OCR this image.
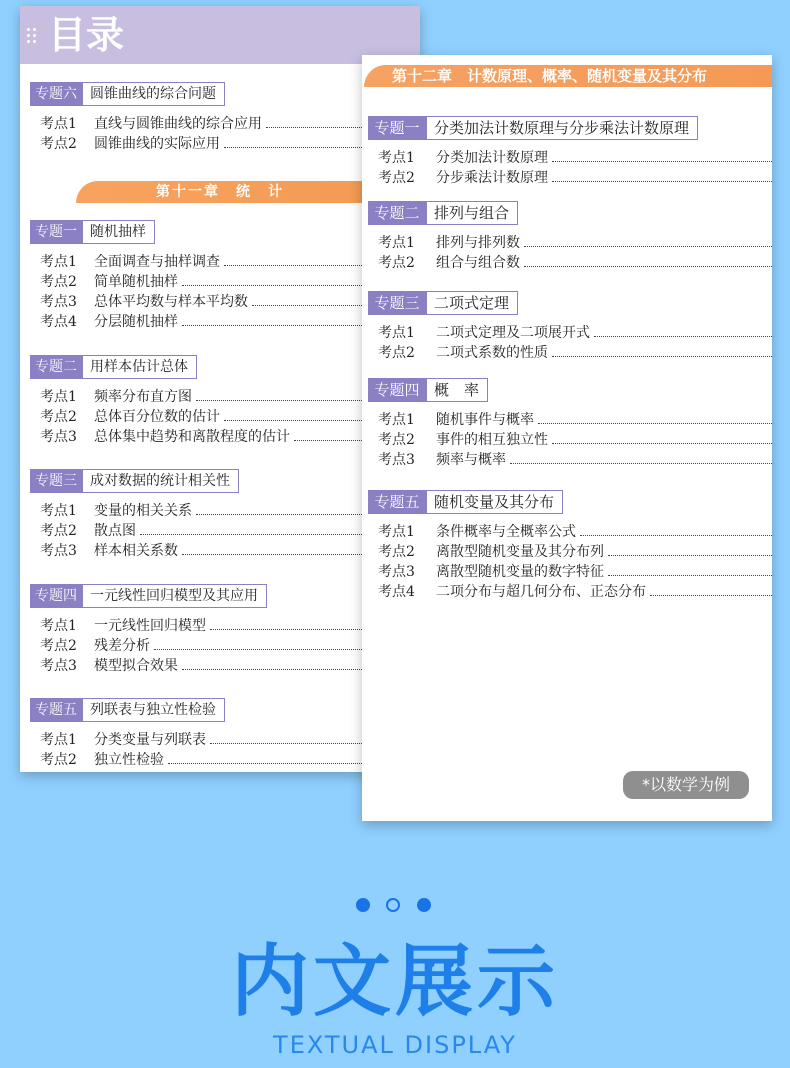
目录
专题六 圆锥曲线的综合问题
考点1	直线与圆锥曲线的综合应用
考点2	圆锥曲线的实际应用
第十一章　统　计
专题一 随机抽样
考点1	全面调查与抽样调查
考点2	简单随机抽样
考点3	总体平均数与样本平均数
考点4	分层随机抽样
专题二 用样本估计总体
考点1	频率分布直方图
考点2	总体百分位数的估计
考点3	总体集中趋势和离散程度的估计
专题三 成对数据的统计相关性
考点1	变量的相关关系
考点2	散点图
考点3	样本相关系数
专题四 一元线性回归模型及其应用
考点1	一元线性回归模型
考点2	残差分析
考点3	模型拟合效果
专题五 列联表与独立性检验
考点1	分类变量与列联表
考点2	独立性检验
第十二章　计数原理、概率、随机变量及其分布
专题一 分类加法计数原理与分步乘法计数原理
考点1	分类加法计数原理
考点2	分步乘法计数原理
专题二 排列与组合
考点1	排列与排列数
考点2	组合与组合数
专题三 二项式定理
考点1	二项式定理及二项展开式
考点2	二项式系数的性质
专题四 概　率
考点1	随机事件与概率
考点2	事件的相互独立性
考点3	频率与概率
专题五 随机变量及其分布
考点1	条件概率与全概率公式
考点2	离散型随机变量及其分布列
考点3	离散型随机变量的数字特征
考点4	二项分布与超几何分布、正态分布
*以数学为例
内文展示
TEXTUAL DISPLAY
